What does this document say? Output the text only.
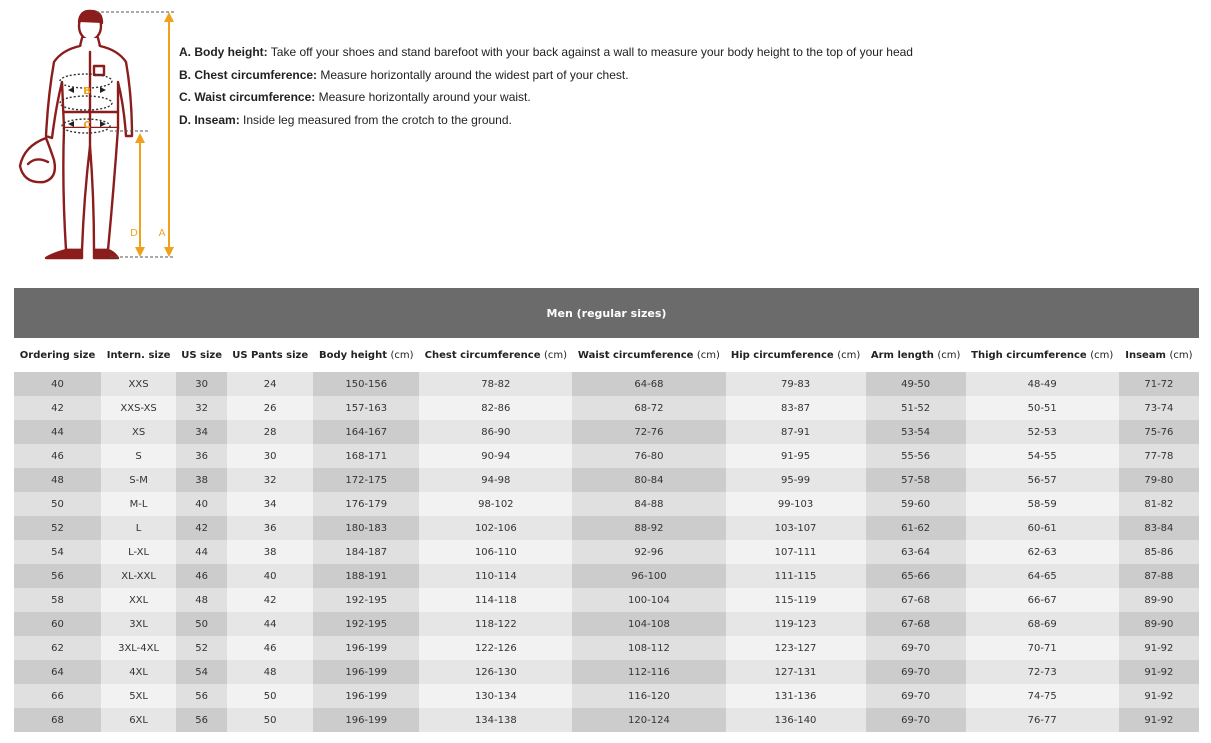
B
C
A
D
A. Body height: Take off your shoes and stand barefoot with your back against a wall to measure your body height to the top of your head
B. Chest circumference: Measure horizontally around the widest part of your chest.
C. Waist circumference: Measure horizontally around your waist.
D. Inseam: Inside leg measured from the crotch to the ground.
Men (regular sizes)										
Ordering size	Intern. size	US size	US Pants size	Body height (cm)	Chest circumference (cm)	Waist circumference (cm)	Hip circumference (cm)	Arm length (cm)	Thigh circumference (cm)	Inseam (cm)
40	XXS	30	24	150-156	78-82	64-68	79-83	49-50	48-49	71-72
42	XXS-XS	32	26	157-163	82-86	68-72	83-87	51-52	50-51	73-74
44	XS	34	28	164-167	86-90	72-76	87-91	53-54	52-53	75-76
46	S	36	30	168-171	90-94	76-80	91-95	55-56	54-55	77-78
48	S-M	38	32	172-175	94-98	80-84	95-99	57-58	56-57	79-80
50	M-L	40	34	176-179	98-102	84-88	99-103	59-60	58-59	81-82
52	L	42	36	180-183	102-106	88-92	103-107	61-62	60-61	83-84
54	L-XL	44	38	184-187	106-110	92-96	107-111	63-64	62-63	85-86
56	XL-XXL	46	40	188-191	110-114	96-100	111-115	65-66	64-65	87-88
58	XXL	48	42	192-195	114-118	100-104	115-119	67-68	66-67	89-90
60	3XL	50	44	192-195	118-122	104-108	119-123	67-68	68-69	89-90
62	3XL-4XL	52	46	196-199	122-126	108-112	123-127	69-70	70-71	91-92
64	4XL	54	48	196-199	126-130	112-116	127-131	69-70	72-73	91-92
66	5XL	56	50	196-199	130-134	116-120	131-136	69-70	74-75	91-92
68	6XL	56	50	196-199	134-138	120-124	136-140	69-70	76-77	91-92
